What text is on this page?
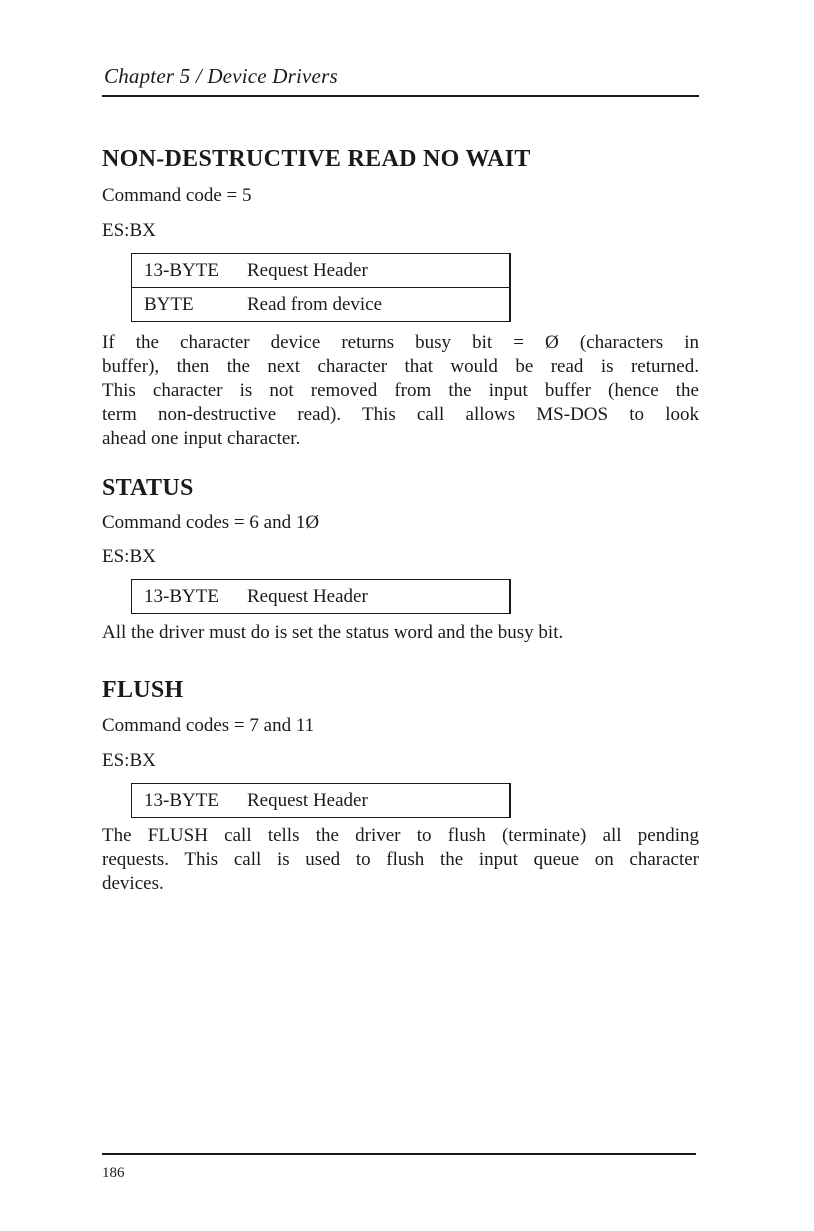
Chapter 5 / Device Drivers
NON-DESTRUCTIVE READ NO WAIT
Command code = 5
ES:BX
13-BYTE Request Header
BYTE	Read from device
If the character device returns busy bit = Ø (characters in
buffer), then the next character that would be read is returned.
This character is not removed from the input buffer (hence the
term non-destructive read). This call allows MS-DOS to look
ahead one input character.
STATUS
Command codes = 6 and 1Ø
ES:BX
13-BYTE Request Header
All the driver must do is set the status word and the busy bit.
FLUSH
Command codes = 7 and 11
ES:BX
13-BYTE Request Header
The FLUSH call tells the driver to flush (terminate) all pending
requests. This call is used to flush the input queue on character
devices.
186
